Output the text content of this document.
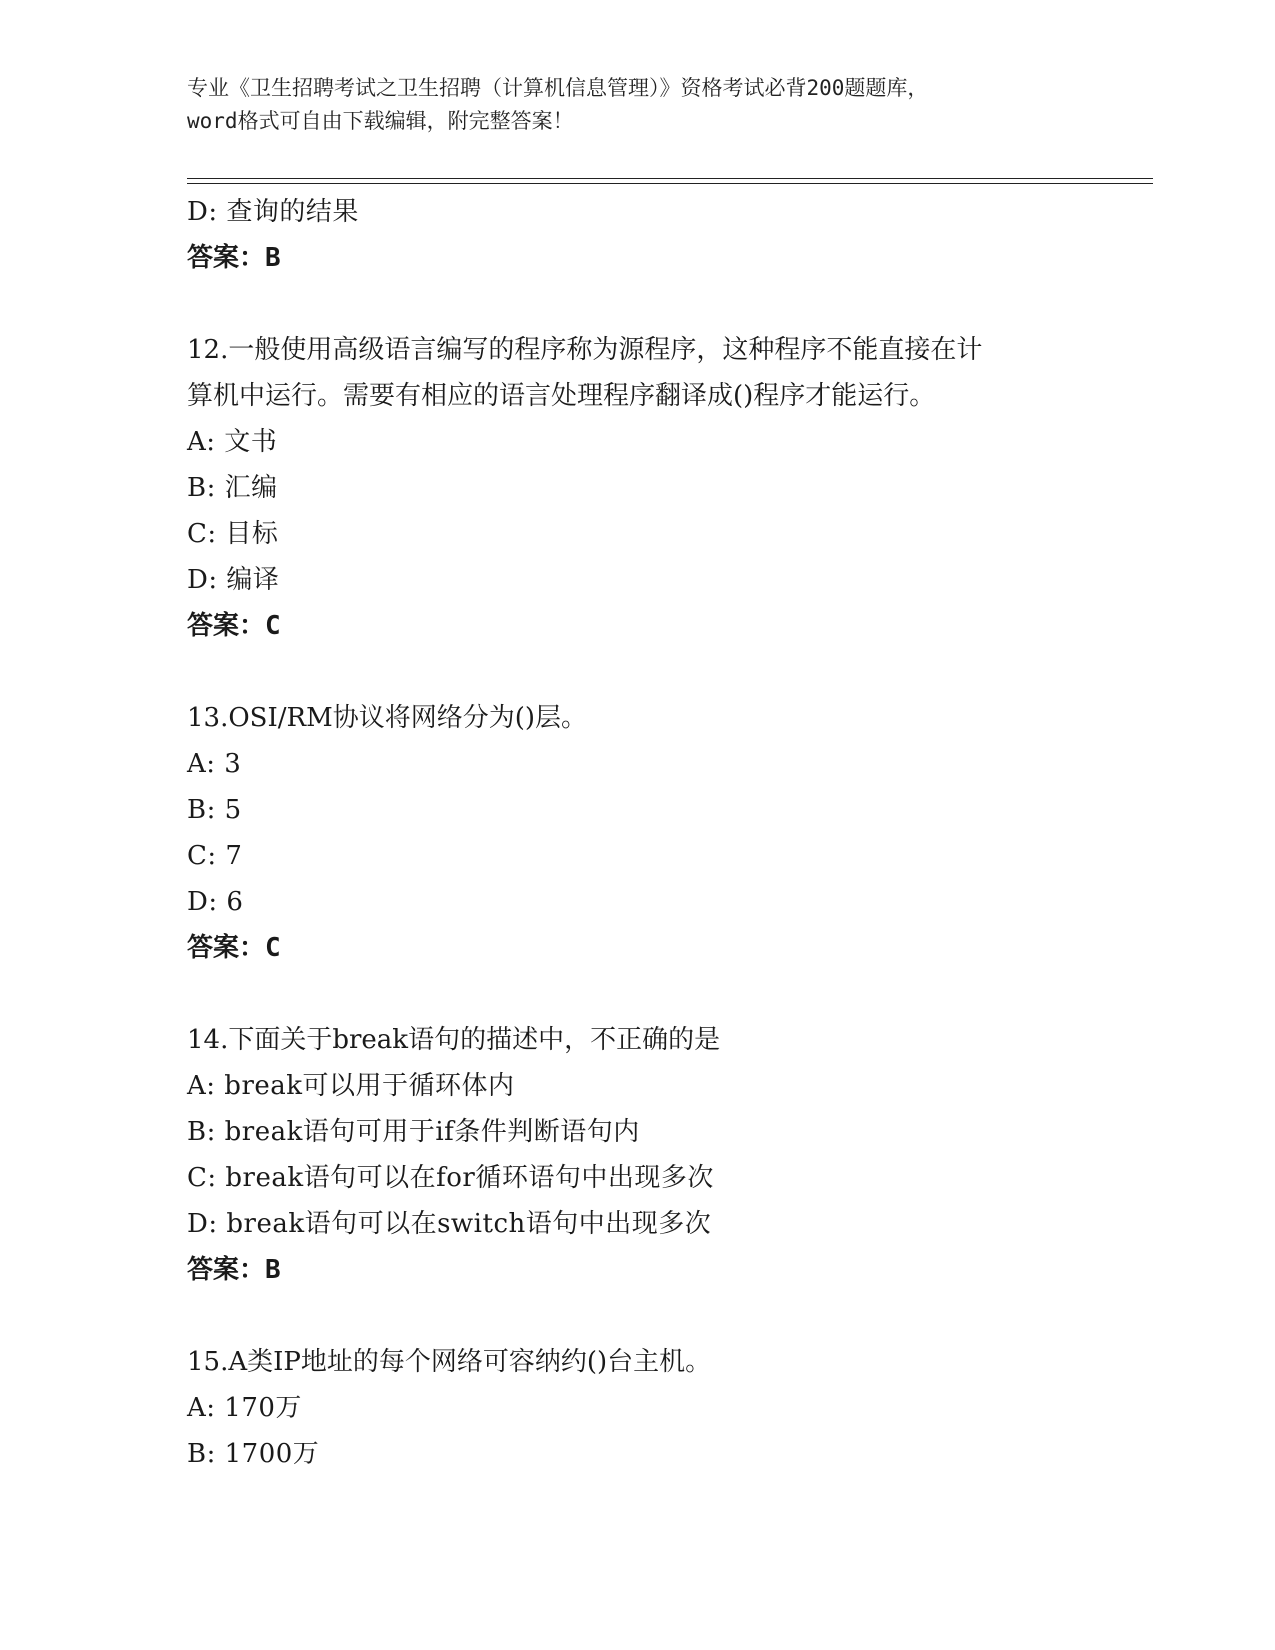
专业《卫生招聘考试之卫生招聘（计算机信息管理）》资格考试必背200题题库，
word格式可自由下载编辑，附完整答案！
D: 查询的结果
答案：B
12.一般使用高级语言编写的程序称为源程序，这种程序不能直接在计
算机中运行。需要有相应的语言处理程序翻译成()程序才能运行。
A: 文书
B: 汇编
C: 目标
D: 编译
答案：C
13.OSI/RM协议将网络分为()层。
A: 3
B: 5
C: 7
D: 6
答案：C
14.下面关于break语句的描述中，不正确的是
A: break可以用于循环体内
B: break语句可用于if条件判断语句内
C: break语句可以在for循环语句中出现多次
D: break语句可以在switch语句中出现多次
答案：B
15.A类IP地址的每个网络可容纳约()台主机。
A: 170万
B: 1700万
